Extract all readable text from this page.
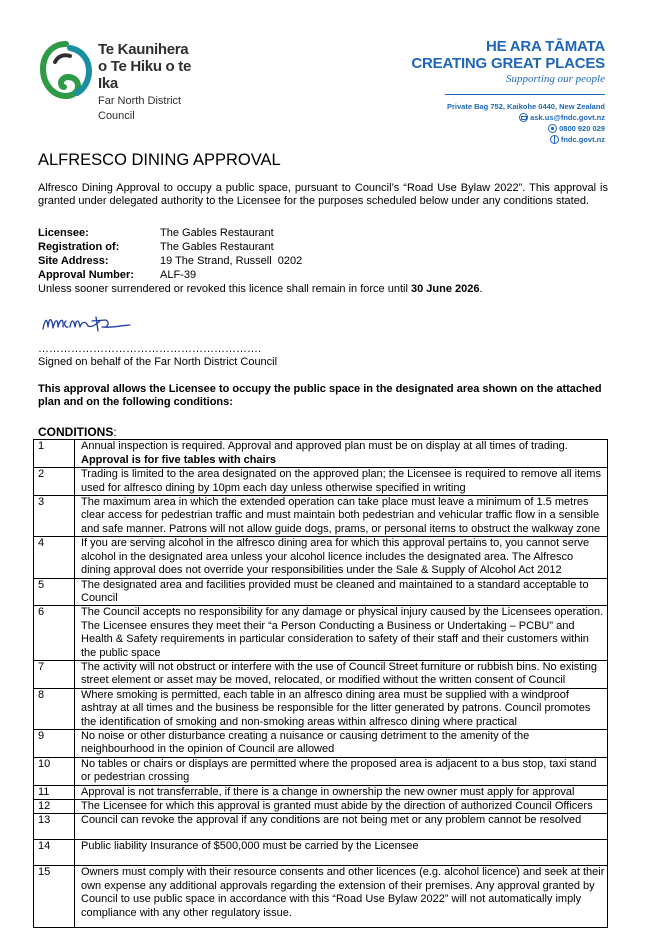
Te Kaunihera
o Te Hiku o te Ika
Far North District Council
HE ARA TĀMATA
CREATING GREAT PLACES
Supporting our people
Private Bag 752, Kaikohe 0440, New Zealand
ask.us@fndc.govt.nz
0800 920 029
fndc.govt.nz
ALFRESCO DINING APPROVAL

Alfresco Dining Approval to occupy a public space, pursuant to Council’s “Road Use Bylaw 2022”. This approval is granted under delegated authority to the Licensee for the purposes scheduled below under any conditions stated.

Licensee:	The Gables Restaurant
Registration of:	The Gables Restaurant
Site Address:	19 The Strand, Russell  0202
Approval Number:	ALF-39
Unless sooner surrendered or revoked this licence shall remain in force until 30 June 2026.
…………………………………………………….
Signed on behalf of the Far North District Council

This approval allows the Licensee to occupy the public space in the designated area shown on the attached plan and on the following conditions:

CONDITIONS:
1	Annual inspection is required. Approval and approved plan must be on display at all times of trading.
Approval is for five tables with chairs

2	Trading is limited to the area designated on the approved plan; the Licensee is required to remove all items used for alfresco dining by 10pm each day unless otherwise specified in writing
3	The maximum area in which the extended operation can take place must leave a minimum of 1.5 metres clear access for pedestrian traffic and must maintain both pedestrian and vehicular traffic flow in a sensible and safe manner. Patrons will not allow guide dogs, prams, or personal items to obstruct the walkway zone
4	If you are serving alcohol in the alfresco dining area for which this approval pertains to, you cannot serve alcohol in the designated area unless your alcohol licence includes the designated area. The Alfresco dining approval does not override your responsibilities under the Sale & Supply of Alcohol Act 2012
5	The designated area and facilities provided must be cleaned and maintained to a standard acceptable to Council
6	The Council accepts no responsibility for any damage or physical injury caused by the Licensees operation. The Licensee ensures they meet their “a Person Conducting a Business or Undertaking – PCBU” and Health & Safety requirements in particular consideration to safety of their staff and their customers within the public space
7	The activity will not obstruct or interfere with the use of Council Street furniture or rubbish bins. No existing street element or asset may be moved, relocated, or modified without the written consent of Council
8	Where smoking is permitted, each table in an alfresco dining area must be supplied with a windproof ashtray at all times and the business be responsible for the litter generated by patrons. Council promotes the identification of smoking and non-smoking areas within alfresco dining where practical
9	No noise or other disturbance creating a nuisance or causing detriment to the amenity of the neighbourhood in the opinion of Council are allowed
10	No tables or chairs or displays are permitted where the proposed area is adjacent to a bus stop, taxi stand or pedestrian crossing
11	Approval is not transferrable, if there is a change in ownership the new owner must apply for approval
12	The Licensee for which this approval is granted must abide by the direction of authorized Council Officers
13	Council can revoke the approval if any conditions are not being met or any problem cannot be resolved
14	Public liability Insurance of $500,000 must be carried by the Licensee
15	Owners must comply with their resource consents and other licences (e.g. alcohol licence) and seek at their own expense any additional approvals regarding the extension of their premises. Any approval granted by Council to use public space in accordance with this “Road Use Bylaw 2022” will not automatically imply compliance with any other regulatory issue.
